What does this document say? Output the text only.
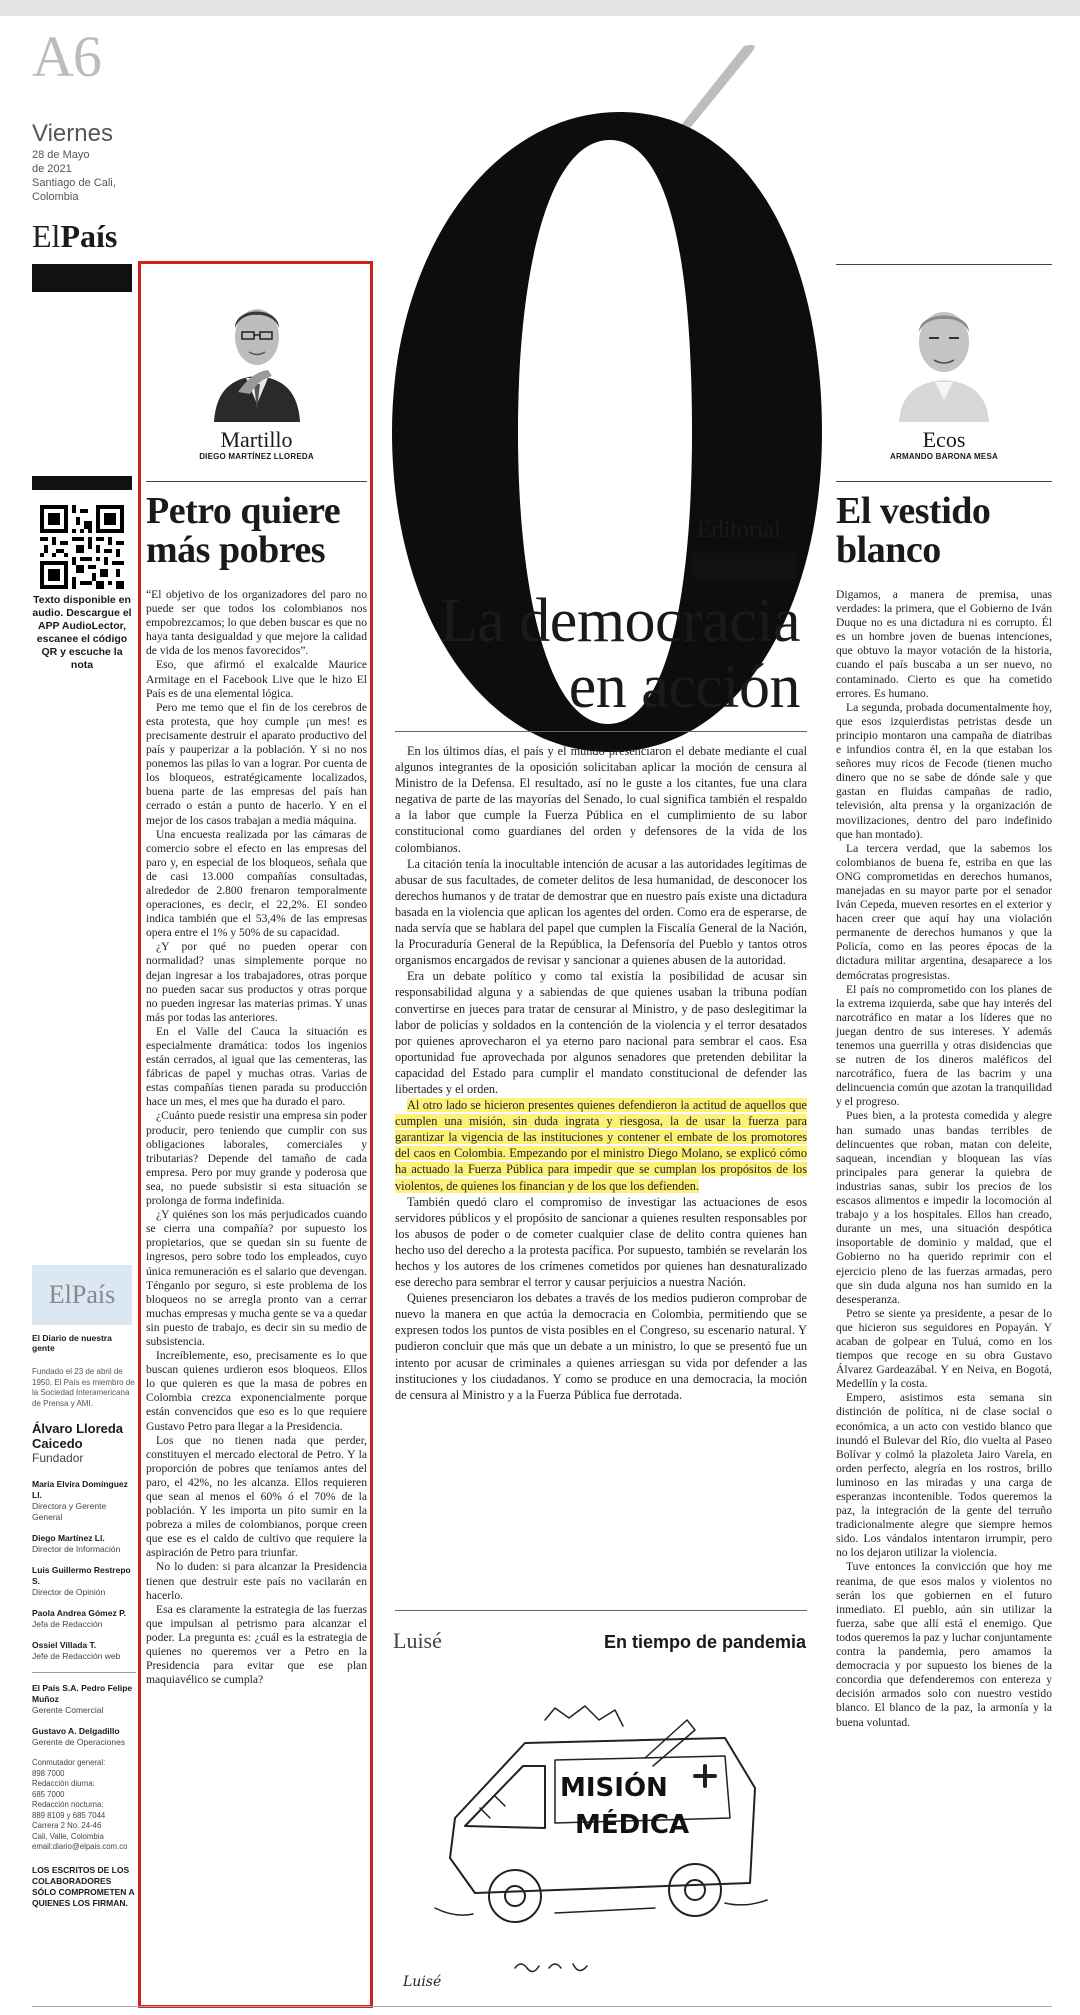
A6
Viernes
28 de Mayo
de 2021
Santiago de Cali,
Colombia
ElPaís
Texto disponible en audio. Descargue el APP AudioLector, escanee el código QR y escuche la nota
El País
El Diario de nuestra gente
Fundado el 23 de abril de 1950, El País es miembro de la Sociedad Interamericana de Prensa y AMI.
Álvaro Lloreda Caicedo
Fundador
María Elvira Domínguez Ll.
Directora y Gerente General
Diego Martínez Ll.
Director de Información
Luis Guillermo Restrepo S.
Director de Opinión
Paola Andrea Gómez P.
Jefa de Redacción
Ossiel Villada T.
Jefe de Redacción web
El País S.A. Pedro Felipe Muñoz
Gerente Comercial
Gustavo A. Delgadillo
Gerente de Operaciones
Conmutador general:
898 7000
Redacción diurna:
685 7000
Redacción nocturna:
889 8109 y 685 7044
Carrera 2 No. 24-46
Cali, Valle, Colombia
email:diario@elpais.com.co
LOS ESCRITOS DE LOS COLABORADORES SÓLO COMPROMETEN A QUIENES LOS FIRMAN.
Martillo
DIEGO MARTÍNEZ LLOREDA
Petro quiere más pobres

“El objetivo de los organizadores del paro no puede ser que todos los colombianos nos empobrezcamos; lo que deben buscar es que no haya tanta desigualdad y que mejore la calidad de vida de los menos favorecidos”.

Eso, que afirmó el exalcalde Maurice Armitage en el Facebook Live que le hizo El País es de una elemental lógica.

Pero me temo que el fin de los cerebros de esta protesta, que hoy cumple ¡un mes! es precisamente destruir el aparato productivo del país y pauperizar a la población. Y si no nos ponemos las pilas lo van a lograr. Por cuenta de los bloqueos, estratégicamente localizados, buena parte de las empresas del país han cerrado o están a punto de hacerlo. Y en el mejor de los casos trabajan a media máquina.

Una encuesta realizada por las cámaras de comercio sobre el efecto en las empresas del paro y, en especial de los bloqueos, señala que de casi 13.000 compañías consultadas, alrededor de 2.800 frenaron temporalmente operaciones, es decir, el 22,2%. El sondeo indica también que el 53,4% de las empresas opera entre el 1% y 50% de su capacidad.

¿Y por qué no pueden operar con normalidad? unas simplemente porque no dejan ingresar a los trabajadores, otras porque no pueden sacar sus productos y otras porque no pueden ingresar las materias primas. Y unas más por todas las anteriores.

En el Valle del Cauca la situación es especialmente dramática: todos los ingenios están cerrados, al igual que las cementeras, las fábricas de papel y muchas otras. Varias de estas compañías tienen parada su producción hace un mes, el mes que ha durado el paro.

¿Cuánto puede resistir una empresa sin poder producir, pero teniendo que cumplir con sus obligaciones laborales, comerciales y tributarias? Depende del tamaño de cada empresa. Pero por muy grande y poderosa que sea, no puede subsistir si esta situación se prolonga de forma indefinida.

¿Y quiénes son los más perjudicados cuando se cierra una compañía? por supuesto los propietarios, que se quedan sin su fuente de ingresos, pero sobre todo los empleados, cuyo única remuneración es el salario que devengan. Ténganlo por seguro, si este problema de los bloqueos no se arregla pronto van a cerrar muchas empresas y mucha gente se va a quedar sin puesto de trabajo, es decir sin su medio de subsistencia.

Increíblemente, eso, precisamente es lo que buscan quienes urdieron esos bloqueos. Ellos lo que quieren es que la masa de pobres en Colombia crezca exponencialmente porque están convencidos que eso es lo que requiere Gustavo Petro para llegar a la Presidencia.

Los que no tienen nada que perder, constituyen el mercado electoral de Petro. Y la proporción de pobres que teníamos antes del paro, el 42%, no les alcanza. Ellos requieren que sean al menos el 60% ó el 70% de la población. Y les importa un pito sumir en la pobreza a miles de colombianos, porque creen que ese es el caldo de cultivo que requiere la aspiración de Petro para triunfar.

No lo duden: si para alcanzar la Presidencia tienen que destruir este país no vacilarán en hacerlo.

Esa es claramente la estrategia de las fuerzas que impulsan al petrismo para alcanzar el poder. La pregunta es: ¿cuál es la estrategia de quienes no queremos ver a Petro en la Presidencia para evitar que ese plan maquiavélico se cumpla?

Editorial
La democracia
en acción

En los últimos días, el país y el mundo presenciaron el debate mediante el cual algunos integrantes de la oposición solicitaban aplicar la moción de censura al Ministro de la Defensa. El resultado, así no le guste a los citantes, fue una clara negativa de parte de las mayorías del Senado, lo cual significa también el respaldo a la labor que cumple la Fuerza Pública en el cumplimiento de su labor constitucional como guardianes del orden y defensores de la vida de los colombianos.

La citación tenía la inocultable intención de acusar a las autoridades legítimas de abusar de sus facultades, de cometer delitos de lesa humanidad, de desconocer los derechos humanos y de tratar de demostrar que en nuestro país existe una dictadura basada en la violencia que aplican los agentes del orden. Como era de esperarse, de nada servía que se hablara del papel que cumplen la Fiscalía General de la Nación, la Procuraduría General de la República, la Defensoría del Pueblo y tantos otros organismos encargados de revisar y sancionar a quienes abusen de la autoridad.

Era un debate político y como tal existía la posibilidad de acusar sin responsabilidad alguna y a sabiendas de que quienes usaban la tribuna podían convertirse en jueces para tratar de censurar al Ministro, y de paso deslegitimar la labor de policías y soldados en la contención de la violencia y el terror desatados por quienes aprovecharon el ya eterno paro nacional para sembrar el caos. Esa oportunidad fue aprovechada por algunos senadores que pretenden debilitar la capacidad del Estado para cumplir el mandato constitucional de defender las libertades y el orden.

Al otro lado se hicieron presentes quienes defendieron la actitud de aquellos que cumplen una misión, sin duda ingrata y riesgosa, la de usar la fuerza para garantizar la vigencia de las instituciones y contener el embate de los promotores del caos en Colombia. Empezando por el ministro Diego Molano, se explicó cómo ha actuado la Fuerza Pública para impedir que se cumplan los propósitos de los violentos, de quienes los financian y de los que los defienden.

También quedó claro el compromiso de investigar las actuaciones de esos servidores públicos y el propósito de sancionar a quienes resulten responsables por los abusos de poder o de cometer cualquier clase de delito contra quienes han hecho uso del derecho a la protesta pacífica. Por supuesto, también se revelarán los hechos y los autores de los crímenes cometidos por quienes han desnaturalizado ese derecho para sembrar el terror y causar perjuicios a nuestra Nación.

Quienes presenciaron los debates a través de los medios pudieron comprobar de nuevo la manera en que actúa la democracia en Colombia, permitiendo que se expresen todos los puntos de vista posibles en el Congreso, su escenario natural. Y pudieron concluir que más que un debate a un ministro, lo que se presentó fue un intento por acusar de criminales a quienes arriesgan su vida por defender a las instituciones y los ciudadanos. Y como se produce en una democracia, la moción de censura al Ministro y a la Fuerza Pública fue derrotada.

Luisé	En tiempo de pandemia
MISIÓN
MÉDICA
Luisé
Ecos
ARMANDO BARONA MESA
El vestido blanco

Digamos, a manera de premisa, unas verdades: la primera, que el Gobierno de Iván Duque no es una dictadura ni es corrupto. Él es un hombre joven de buenas intenciones, que obtuvo la mayor votación de la historia, cuando el país buscaba a un ser nuevo, no contaminado. Cierto es que ha cometido errores. Es humano.

La segunda, probada documentalmente hoy, que esos izquierdistas petristas desde un principio montaron una campaña de diatribas e infundios contra él, en la que estaban los señores muy ricos de Fecode (tienen mucho dinero que no se sabe de dónde sale y que gastan en fluidas campañas de radio, televisión, alta prensa y la organización de movilizaciones, dentro del paro indefinido que han montado).

La tercera verdad, que la sabemos los colombianos de buena fe, estriba en que las ONG comprometidas en derechos humanos, manejadas en su mayor parte por el senador Iván Cepeda, mueven resortes en el exterior y hacen creer que aquí hay una violación permanente de derechos humanos y que la Policía, como en las peores épocas de la dictadura militar argentina, desaparece a los demócratas progresistas.

El país no comprometido con los planes de la extrema izquierda, sabe que hay interés del narcotráfico en matar a los líderes que no juegan dentro de sus intereses. Y además tenemos una guerrilla y otras disidencias que se nutren de los dineros maléficos del narcotráfico, fuera de las bacrim y una delincuencia común que azotan la tranquilidad y el progreso.

Pues bien, a la protesta comedida y alegre han sumado unas bandas terribles de delincuentes que roban, matan con deleite, saquean, incendian y bloquean las vías principales para generar la quiebra de industrias sanas, subir los precios de los escasos alimentos e impedir la locomoción al trabajo y a los hospitales. Ellos han creado, durante un mes, una situación despótica insoportable de dominio y maldad, que el Gobierno no ha querido reprimir con el ejercicio pleno de las fuerzas armadas, pero que sin duda alguna nos han sumido en la desesperanza.

Petro se siente ya presidente, a pesar de lo que hicieron sus seguidores en Popayán. Y acaban de golpear en Tuluá, como en los tiempos que recoge en su obra Gustavo Álvarez Gardeazábal. Y en Neiva, en Bogotá, Medellín y la costa.

Empero, asistimos esta semana sin distinción de política, ni de clase social o económica, a un acto con vestido blanco que inundó el Bulevar del Río, dio vuelta al Paseo Bolívar y colmó la plazoleta Jairo Varela, en orden perfecto, alegría en los rostros, brillo luminoso en las miradas y una carga de esperanzas incontenible. Todos queremos la paz, la integración de la gente del terruño tradicionalmente alegre que siempre hemos sido. Los vándalos intentaron irrumpir, pero no los dejaron utilizar la violencia.

Tuve entonces la convicción que hoy me reanima, de que esos malos y violentos no serán los que gobiernen en el futuro inmediato. El pueblo, aún sin utilizar la fuerza, sabe que allí está el enemigo. Que todos queremos la paz y luchar conjuntamente contra la pandemia, pero amamos la democracia y por supuesto los bienes de la concordia que defenderemos con entereza y decisión armados solo con nuestro vestido blanco. El blanco de la paz, la armonía y la buena voluntad.
